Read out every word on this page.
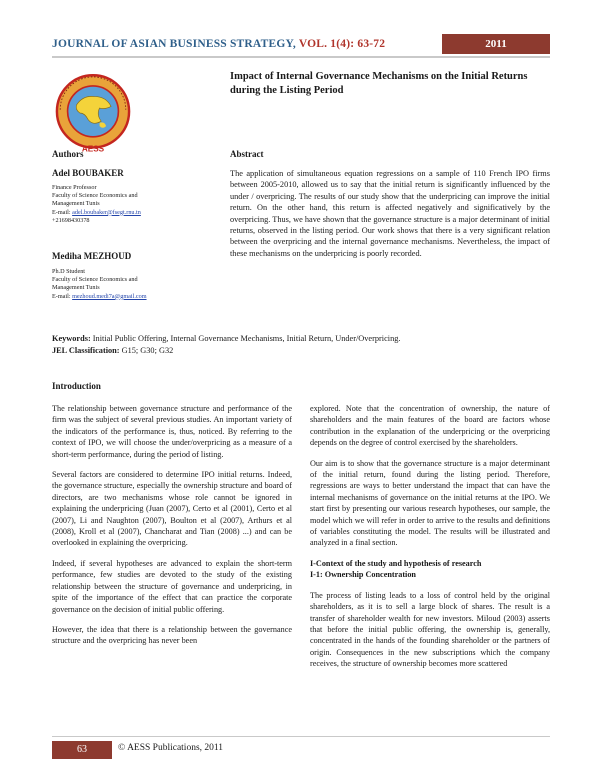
JOURNAL OF ASIAN BUSINESS STRATEGY, VOL. 1(4): 63-72	2011
AESS
Impact of Internal Governance Mechanisms on the Initial Returns during the Listing Period
Authors	Abstract
Adel BOUBAKER
Finance Professor
Faculty of Science Economics and
Management Tunis
E-mail: adel.boubaker@fsegt.rnu.tn
+21698430378
Mediha MEZHOUD
Ph.D Student
Faculty of Science Economics and
Management Tunis
E-mail: mezhoud.medi7a@gmail.com
The application of simultaneous equation regressions on a sample of 110 French IPO firms between 2005-2010, allowed us to say that the initial return is significantly influenced by the under / overpricing. The results of our study show that the underpricing can improve the initial return. On the other hand, this return is affected negatively and significatively by the overpricing. Thus, we have shown that the governance structure is a major determinant of initial returns, observed in the listing period. Our work shows that there is a very significant relation between the overpricing and the internal governance mechanisms. Nevertheless, the impact of these mechanisms on the underpricing is poorly recorded.
Keywords: Initial Public Offering, Internal Governance Mechanisms, Initial Return, Under/Overpricing.
JEL Classification: G15; G30; G32
Introduction

The relationship between governance structure and performance of the firm was the subject of several previous studies. An important variety of the indicators of the performance is, thus, noticed. By referring to the context of IPO, we will choose the under/overpricing as a measure of a short-term performance, during the period of listing.

Several factors are considered to determine IPO initial returns. Indeed, the governance structure, especially the ownership structure and board of directors, are two mechanisms whose role cannot be ignored in explaining the underpricing (Juan (2007), Certo et al (2001), Certo et al (2007), Li and Naughton (2007), Boulton et al (2007), Arthurs et al (2008), Kroll et al (2007), Chancharat and Tian (2008) ...) and can be overlooked in explaining the overpricing.

Indeed, if several hypotheses are advanced to explain the short-term performance, few studies are devoted to the study of the existing relationship between the structure of governance and underpricing, in spite of the importance of the effect that can practice the corporate governance on the decision of initial public offering.

However, the idea that there is a relationship between the governance structure and the overpricing has never been

explored. Note that the concentration of ownership, the nature of shareholders and the main features of the board are factors whose contribution in the explanation of the underpricing or the overpricing depends on the degree of control exercised by the shareholders.

Our aim is to show that the governance structure is a major determinant of the initial return, found during the listing period. Therefore, regressions are ways to better understand the impact that can have the internal mechanisms of governance on the initial returns at the IPO. We start first by presenting our various research hypotheses, our sample, the model which we will refer in order to arrive to the results and definitions of variables constituting the model. The results will be illustrated and analyzed in a final section.

I-Context of the study and hypothesis of research

I-1: Ownership Concentration

The process of listing leads to a loss of control held by the original shareholders, as it is to sell a large block of shares. The result is a transfer of shareholder wealth for new investors. Miloud (2003) asserts that before the initial public offering, the ownership is, generally, concentrated in the hands of the founding shareholder or the partners of origin. Consequences in the new subscriptions which the company receives, the structure of ownership becomes more scattered

63	© AESS Publications, 2011
